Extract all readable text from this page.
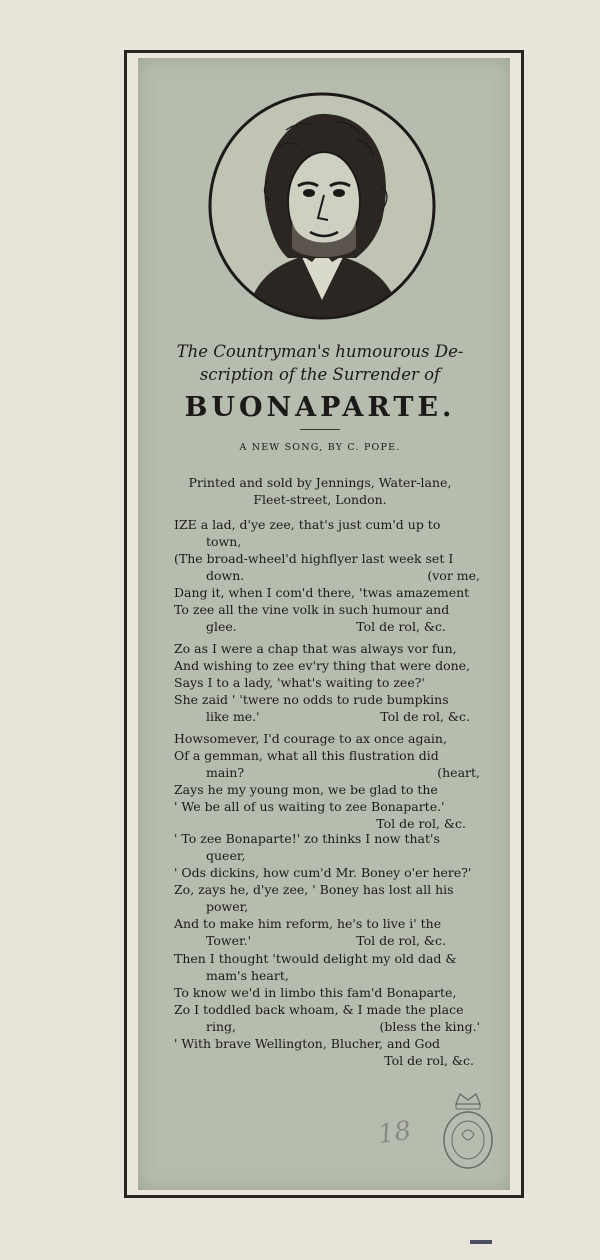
The Countryman's humourous De-
scription of the Surrender of
BUONAPARTE.
A NEW SONG, BY C. POPE.
Printed and sold by Jennings, Water-lane,
Fleet-street, London.
IZE a lad, d'ye zee, that's just cum'd up to
town,
(The broad-wheel'd highflyer last week set I
down.	(vor me,
Dang it, when I com'd there, 'twas amazement
To zee all the vine volk in such humour and
glee.	Tol de rol, &c.
Zo as I were a chap that was always vor fun,
And wishing to zee ev'ry thing that were done,
Says I to a lady, 'what's waiting to zee?'
She zaid ' 'twere no odds to rude bumpkins
like me.'	Tol de rol, &c.
Howsomever, I'd courage to ax once again,
Of a gemman, what all this flustration did
main?	(heart,
Zays he my young mon, we be glad to the
' We be all of us waiting to zee Bonaparte.'
Tol de rol, &c.
' To zee Bonaparte!' zo thinks I now that's
queer,
' Ods dickins, how cum'd Mr. Boney o'er here?'
Zo, zays he, d'ye zee, ' Boney has lost all his
power,
And to make him reform, he's to live i' the
Tower.'	Tol de rol, &c.
Then I thought 'twould delight my old dad &
mam's heart,
To know we'd in limbo this fam'd Bonaparte,
Zo I toddled back whoam, & I made the place
ring,	(bless the king.'
' With brave Wellington, Blucher, and God
Tol de rol, &c.
18
